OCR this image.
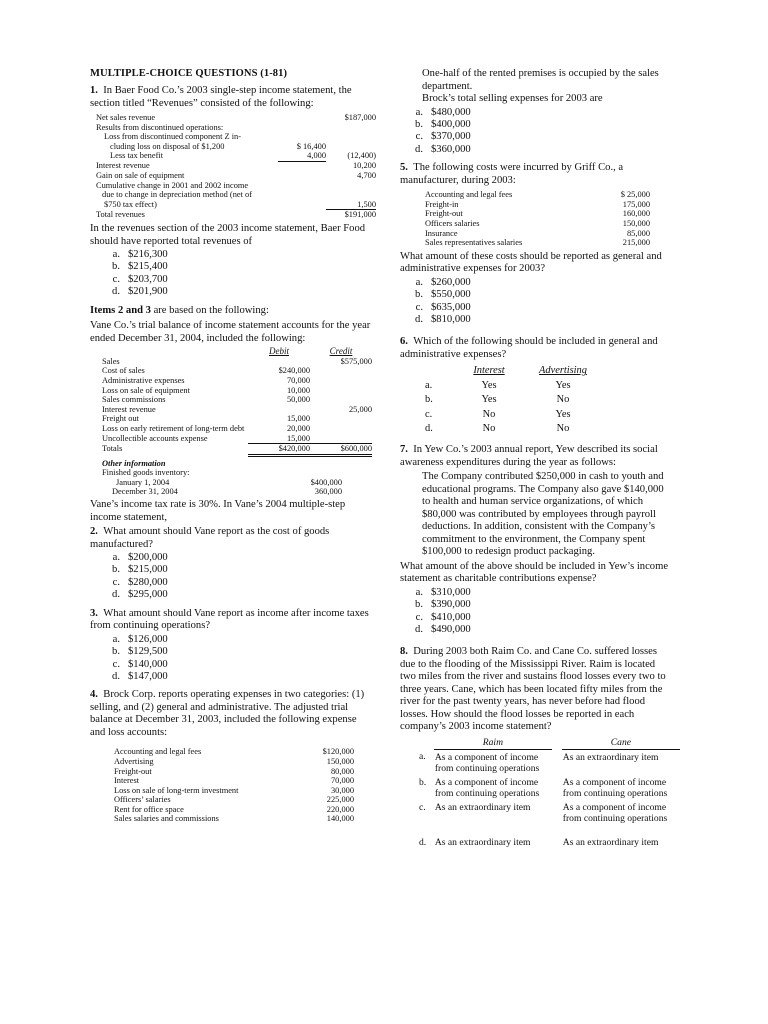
MULTIPLE-CHOICE QUESTIONS (1-81)

1. In Baer Food Co.’s 2003 single-step income statement, the section titled “Revenues” consisted of the following:

Net sales revenue		$187,000
Results from discontinued operations:		
Loss from discontinued component Z in-		
cluding loss on disposal of $1,200	$ 16,400	
Less tax benefit	4,000	(12,400)
Interest revenue		10,200
Gain on sale of equipment		4,700
Cumulative change in 2001 and 2002 income		
due to change in depreciation method (net of		
$750 tax effect)		1,500
Total revenues		$191,000

In the revenues section of the 2003 income statement, Baer Food should have reported total revenues of

a. $216,300
b. $215,400
c. $203,700
d. $201,900

Items 2 and 3 are based on the following:

Vane Co.’s trial balance of income statement accounts for the year ended December 31, 2004, included the following:

	Debit	Credit
Sales		$575,000
Cost of sales	$240,000	
Administrative expenses	70,000	
Loss on sale of equipment	10,000	
Sales commissions	50,000	
Interest revenue		25,000
Freight out	15,000	
Loss on early retirement of long-term debt	20,000	
Uncollectible accounts expense	15,000	
Totals	$420,000	$600,000
Other information
Finished goods inventory:
January 1, 2004	$400,000
December 31, 2004	360,000

Vane’s income tax rate is 30%. In Vane’s 2004 multiple-step income statement,

2. What amount should Vane report as the cost of goods manufactured?

a. $200,000
b. $215,000
c. $280,000
d. $295,000

3. What amount should Vane report as income after income taxes from continuing operations?

a. $126,000
b. $129,500
c. $140,000
d. $147,000

4. Brock Corp. reports operating expenses in two categories: (1) selling, and (2) general and administrative. The adjusted trial balance at December 31, 2003, included the following expense and loss accounts:

Accounting and legal fees	$120,000
Advertising	150,000
Freight-out	80,000
Interest	70,000
Loss on sale of long-term investment	30,000
Officers’ salaries	225,000
Rent for office space	220,000
Sales salaries and commissions	140,000

One-half of the rented premises is occupied by the sales department.

Brock’s total selling expenses for 2003 are

a. $480,000
b. $400,000
c. $370,000
d. $360,000

5. The following costs were incurred by Griff Co., a manufacturer, during 2003:

Accounting and legal fees	$ 25,000
Freight-in	175,000
Freight-out	160,000
Officers salaries	150,000
Insurance	85,000
Sales representatives salaries	215,000

What amount of these costs should be reported as general and administrative expenses for 2003?

a. $260,000
b. $550,000
c. $635,000
d. $810,000

6. Which of the following should be included in general and administrative expenses?

	Interest	Advertising
a.	Yes	Yes
b.	Yes	No
c.	No	Yes
d.	No	No

7. In Yew Co.’s 2003 annual report, Yew described its social awareness expenditures during the year as follows:

The Company contributed $250,000 in cash to youth and educational programs. The Company also gave $140,000 to health and human service organizations, of which $80,000 was contributed by employees through payroll deductions. In addition, consistent with the Company’s commitment to the environment, the Company spent $100,000 to redesign product packaging.

What amount of the above should be included in Yew’s income statement as charitable contributions expense?

a. $310,000
b. $390,000
c. $410,000
d. $490,000

8. During 2003 both Raim Co. and Cane Co. suffered losses due to the flooding of the Mississippi River. Raim is located two miles from the river and sustains flood losses every two to three years. Cane, which has been located fifty miles from the river for the past twenty years, has never before had flood losses. How should the flood losses be reported in each company’s 2003 income statement?

	Raim		Cane
a.	As a component of income from continuing operations		As an extraordinary item
b.	As a component of income from continuing operations		As a component of income from continuing operations
c.	As an extraordinary item		As a component of income from continuing operations
d.	As an extraordinary item		As an extraordinary item
